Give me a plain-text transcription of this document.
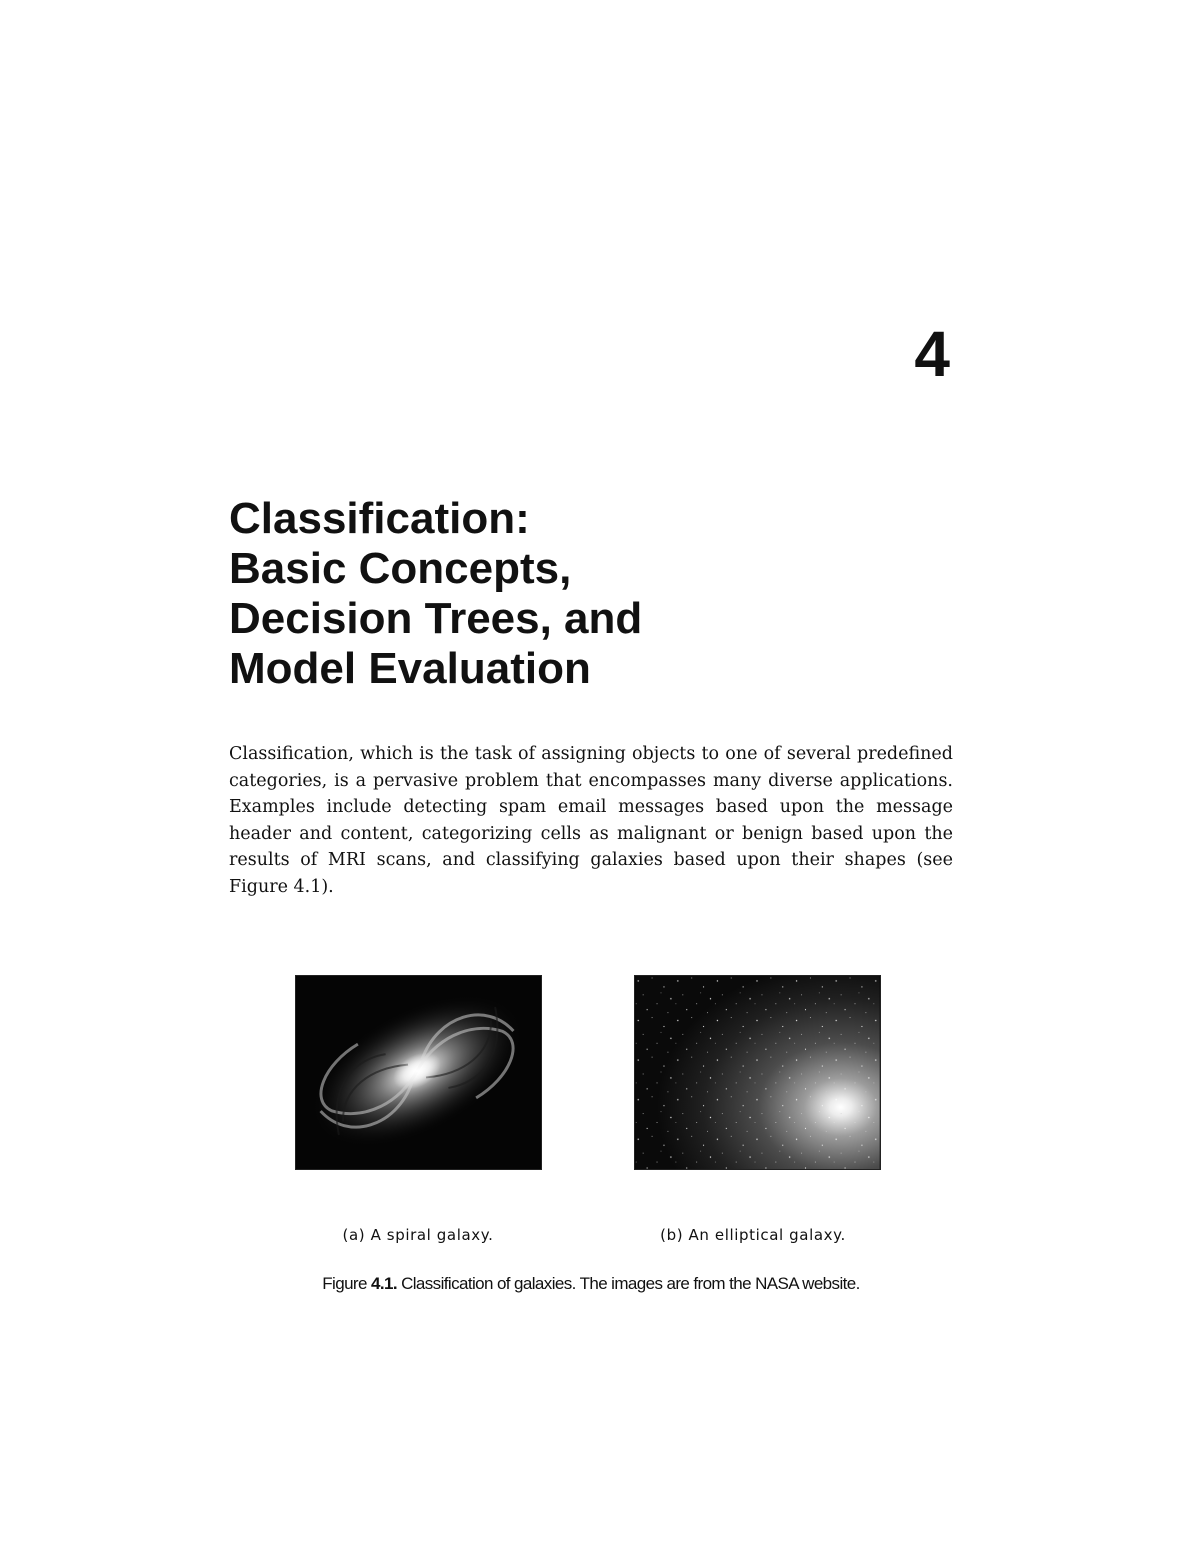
4
Classification:
Basic Concepts,
Decision Trees, and
Model Evaluation

Classification, which is the task of assigning objects to one of several predefined categories, is a pervasive problem that encompasses many diverse applications. Examples include detecting spam email messages based upon the message header and content, categorizing cells as malignant or benign based upon the results of MRI scans, and classifying galaxies based upon their shapes (see Figure 4.1).

(a) A spiral galaxy.	(b) An elliptical galaxy.
Figure 4.1. Classification of galaxies. The images are from the NASA website.
